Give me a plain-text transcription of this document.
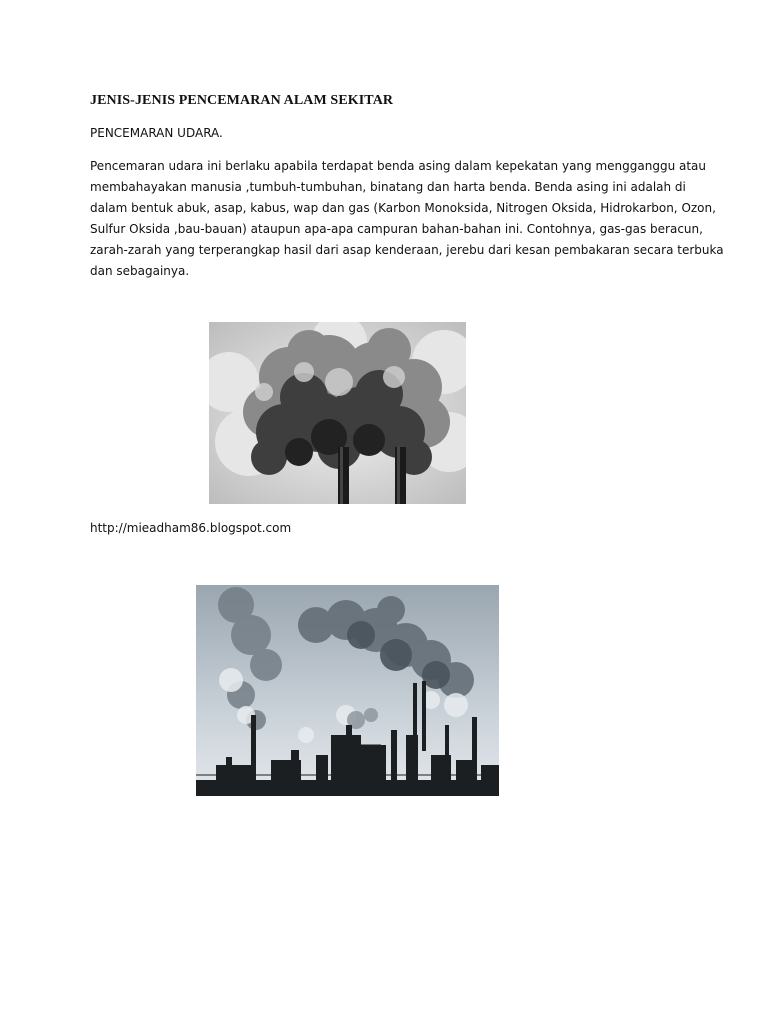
JENIS-JENIS PENCEMARAN ALAM SEKITAR
PENCEMARAN UDARA.
Pencemaran udara ini berlaku apabila terdapat benda asing dalam kepekatan yang mengganggu atau
membahayakan manusia ,tumbuh-tumbuhan, binatang dan harta benda. Benda asing ini adalah di
dalam bentuk abuk, asap, kabus, wap dan gas (Karbon Monoksida, Nitrogen Oksida, Hidrokarbon, Ozon,
Sulfur Oksida ,bau-bauan) ataupun apa-apa campuran bahan-bahan ini. Contohnya, gas-gas beracun,
zarah-zarah yang terperangkap hasil dari asap kenderaan, jerebu dari kesan pembakaran secara terbuka
dan sebagainya.
http://mieadham86.blogspot.com
